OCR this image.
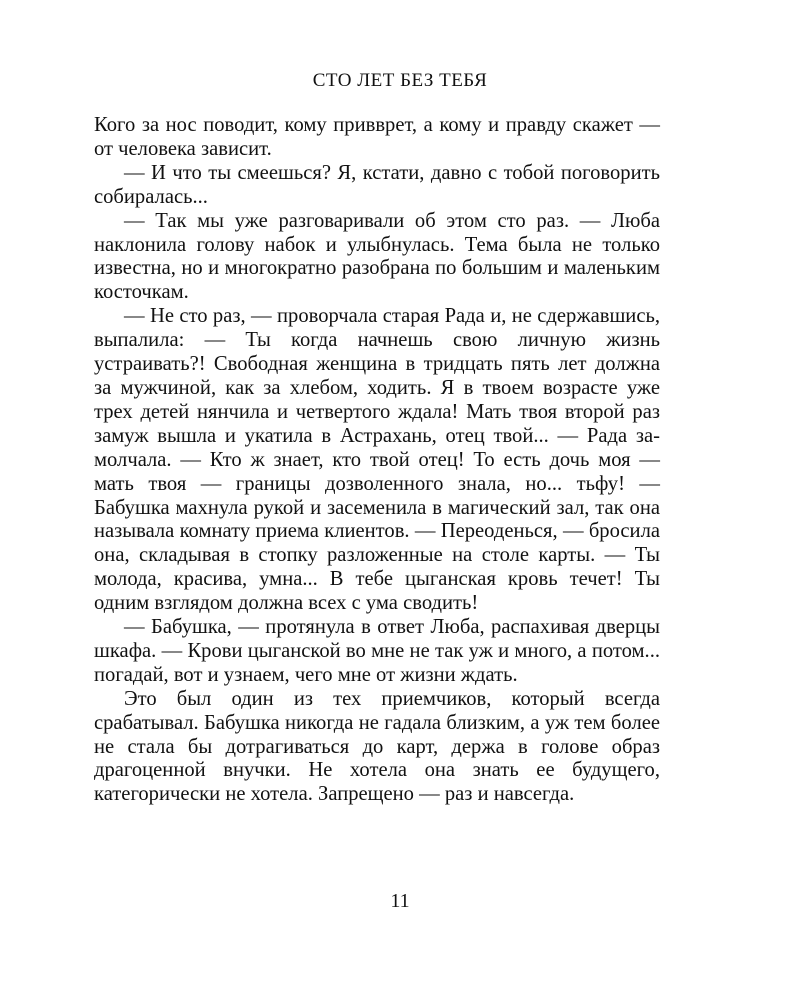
СТО ЛЕТ БЕЗ ТЕБЯ

Кого за нос поводит, кому привврет, а кому и правду скажет — от человека зависит.

— И что ты смеешься? Я, кстати, давно с тобой поговорить собиралась...

— Так мы уже разговаривали об этом сто раз. — Люба наклонила голову набок и улыбнулась. Тема была не только известна, но и многократно разобрана по большим и маленьким косточкам.

— Не сто раз, — проворчала старая Рада и, не сдержавшись, выпалила: — Ты когда начнешь свою личную жизнь устраивать?! Свободная женщина в тридцать пять лет должна за мужчиной, как за хлебом, ходить. Я в твоем возрасте уже трех детей нянчила и четвертого ждала! Мать твоя второй раз замуж вышла и укатила в Астрахань, отец твой... — Рада замолчала. — Кто ж знает, кто твой отец! То есть дочь моя — мать твоя — границы дозволенного знала, но... тьфу! — Бабушка махнула рукой и засеменила в магический зал, так она называла комнату приема клиентов. — Переоденься, — бросила она, складывая в стопку разложенные на столе карты. — Ты молода, красива, умна... В тебе цыганская кровь течет! Ты одним взглядом должна всех с ума сводить!

— Бабушка, — протянула в ответ Люба, распахивая дверцы шкафа. — Крови цыганской во мне не так уж и много, а потом... погадай, вот и узнаем, чего мне от жизни ждать.

Это был один из тех приемчиков, который всегда срабатывал. Бабушка никогда не гадала близким, а уж тем более не стала бы дотрагиваться до карт, держа в голове образ драгоценной внучки. Не хотела она знать ее будущего, категорически не хотела. Запрещено — раз и навсегда.

11
